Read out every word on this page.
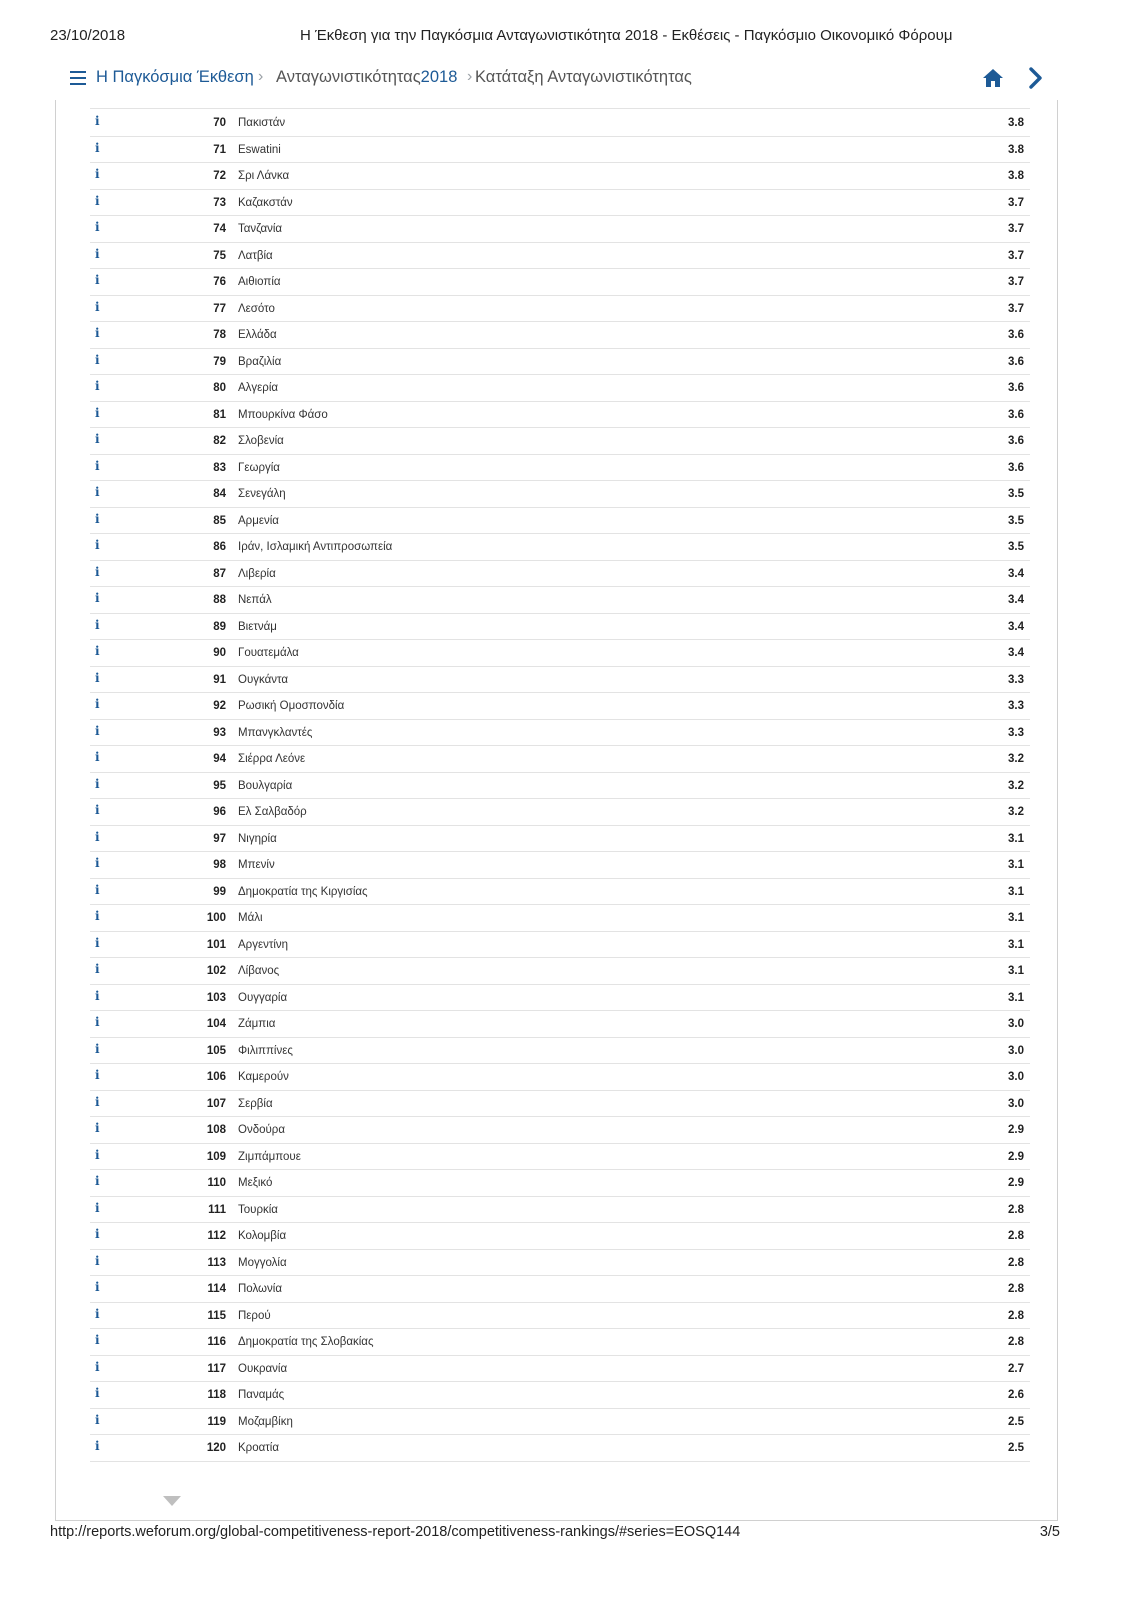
23/10/2018	Η Έκθεση για την Παγκόσμια Ανταγωνιστικότητα 2018 - Εκθέσεις - Παγκόσμιο Οικονομικό Φόρουμ
Η Παγκόσμια Έκθεση › Ανταγωνιστικότητας2018 › Κατάταξη Ανταγωνιστικότητας
i	70 Πακιστάν	3.8
i	71 Eswatini	3.8
i	72 Σρι Λάνκα	3.8
i	73 Καζακστάν	3.7
i	74 Τανζανία	3.7
i	75 Λατβία	3.7
i	76 Αιθιοπία	3.7
i	77 Λεσότο	3.7
i	78 Ελλάδα	3.6
i	79 Βραζιλία	3.6
i	80 Αλγερία	3.6
i	81 Μπουρκίνα Φάσο	3.6
i	82 Σλοβενία	3.6
i	83 Γεωργία	3.6
i	84 Σενεγάλη	3.5
i	85 Αρμενία	3.5
i	86 Ιράν, Ισλαμική Αντιπροσωπεία	3.5
i	87 Λιβερία	3.4
i	88 Νεπάλ	3.4
i	89 Βιετνάμ	3.4
i	90 Γουατεμάλα	3.4
i	91 Ουγκάντα	3.3
i	92 Ρωσική Ομοσπονδία	3.3
i	93 Μπανγκλαντές	3.3
i	94 Σιέρρα Λεόνε	3.2
i	95 Βουλγαρία	3.2
i	96 Ελ Σαλβαδόρ	3.2
i	97 Νιγηρία	3.1
i	98 Μπενίν	3.1
i	99 Δημοκρατία της Κιργισίας	3.1
i	100 Μάλι	3.1
i	101 Αργεντίνη	3.1
i	102 Λίβανος	3.1
i	103 Ουγγαρία	3.1
i	104 Ζάμπια	3.0
i	105 Φιλιππίνες	3.0
i	106 Καμερούν	3.0
i	107 Σερβία	3.0
i	108 Ονδούρα	2.9
i	109 Ζιμπάμπουε	2.9
i	110 Μεξικό	2.9
i	111 Τουρκία	2.8
i	112 Κολομβία	2.8
i	113 Μογγολία	2.8
i	114 Πολωνία	2.8
i	115 Περού	2.8
i	116 Δημοκρατία της Σλοβακίας	2.8
i	117 Ουκρανία	2.7
i	118 Παναμάς	2.6
i	119 Μοζαμβίκη	2.5
i	120 Κροατία	2.5
http://reports.weforum.org/global-competitiveness-report-2018/competitiveness-rankings/#series=EOSQ144	3/5
